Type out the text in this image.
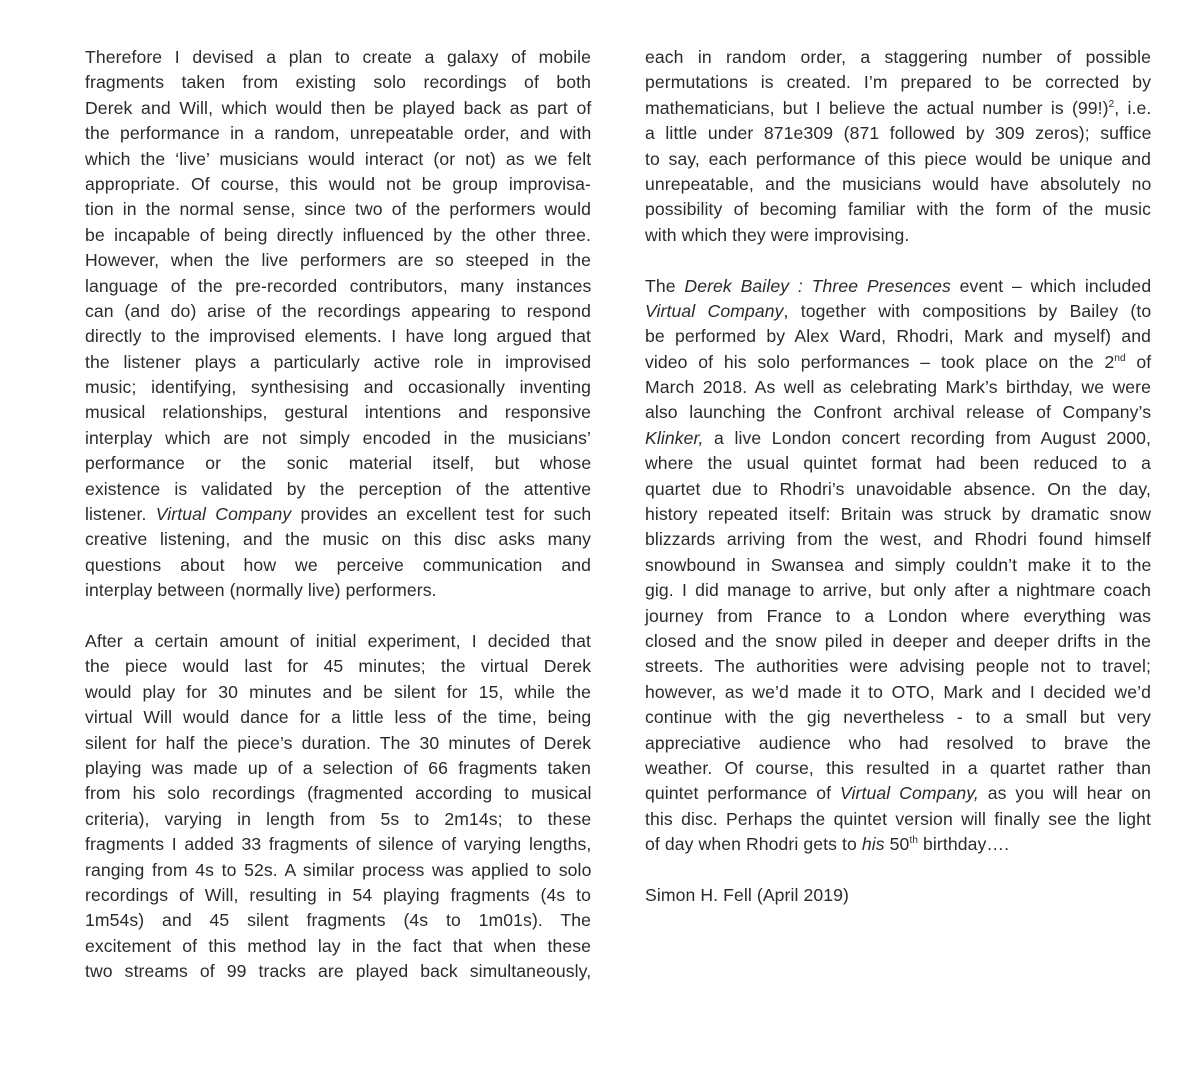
Therefore I devised a plan to create a galaxy of mobile
fragments taken from existing solo recordings of both
Derek and Will, which would then be played back as part of
the performance in a random, unrepeatable order, and with
which the ‘live’ musicians would interact (or not) as we felt
appropriate. Of course, this would not be group improvisa-
tion in the normal sense, since two of the performers would
be incapable of being directly influenced by the other three.
However, when the live performers are so steeped in the
language of the pre-recorded contributors, many instances
can (and do) arise of the recordings appearing to respond
directly to the improvised elements. I have long argued that
the listener plays a particularly active role in improvised
music; identifying, synthesising and occasionally inventing
musical relationships, gestural intentions and responsive
interplay which are not simply encoded in the musicians’
performance or the sonic material itself, but whose
existence is validated by the perception of the attentive
listener. Virtual Company provides an excellent test for such
creative listening, and the music on this disc asks many
questions about how we perceive communication and
interplay between (normally live) performers.
After a certain amount of initial experiment, I decided that
the piece would last for 45 minutes; the virtual Derek
would play for 30 minutes and be silent for 15, while the
virtual Will would dance for a little less of the time, being
silent for half the piece’s duration. The 30 minutes of Derek
playing was made up of a selection of 66 fragments taken
from his solo recordings (fragmented according to musical
criteria), varying in length from 5s to 2m14s; to these
fragments I added 33 fragments of silence of varying lengths,
ranging from 4s to 52s. A similar process was applied to solo
recordings of Will, resulting in 54 playing fragments (4s to
1m54s) and 45 silent fragments (4s to 1m01s). The
excitement of this method lay in the fact that when these
two streams of 99 tracks are played back simultaneously,
each in random order, a staggering number of possible
permutations is created. I’m prepared to be corrected by
mathematicians, but I believe the actual number is $(99!)^2$, i.e.
a little under 871e309 (871 followed by 309 zeros); suffice
to say, each performance of this piece would be unique and
unrepeatable, and the musicians would have absolutely no
possibility of becoming familiar with the form of the music
with which they were improvising.
The Derek Bailey : Three Presences event – which included
Virtual Company, together with compositions by Bailey (to
be performed by Alex Ward, Rhodri, Mark and myself) and
video of his solo performances – took place on the 2nd of
March 2018. As well as celebrating Mark’s birthday, we were
also launching the Confront archival release of Company’s
Klinker, a live London concert recording from August 2000,
where the usual quintet format had been reduced to a
quartet due to Rhodri’s unavoidable absence. On the day,
history repeated itself: Britain was struck by dramatic snow
blizzards arriving from the west, and Rhodri found himself
snowbound in Swansea and simply couldn’t make it to the
gig. I did manage to arrive, but only after a nightmare coach
journey from France to a London where everything was
closed and the snow piled in deeper and deeper drifts in the
streets. The authorities were advising people not to travel;
however, as we’d made it to OTO, Mark and I decided we’d
continue with the gig nevertheless - to a small but very
appreciative audience who had resolved to brave the
weather. Of course, this resulted in a quartet rather than
quintet performance of Virtual Company, as you will hear on
this disc. Perhaps the quintet version will finally see the light
of day when Rhodri gets to his 50th birthday….
Simon H. Fell (April 2019)
